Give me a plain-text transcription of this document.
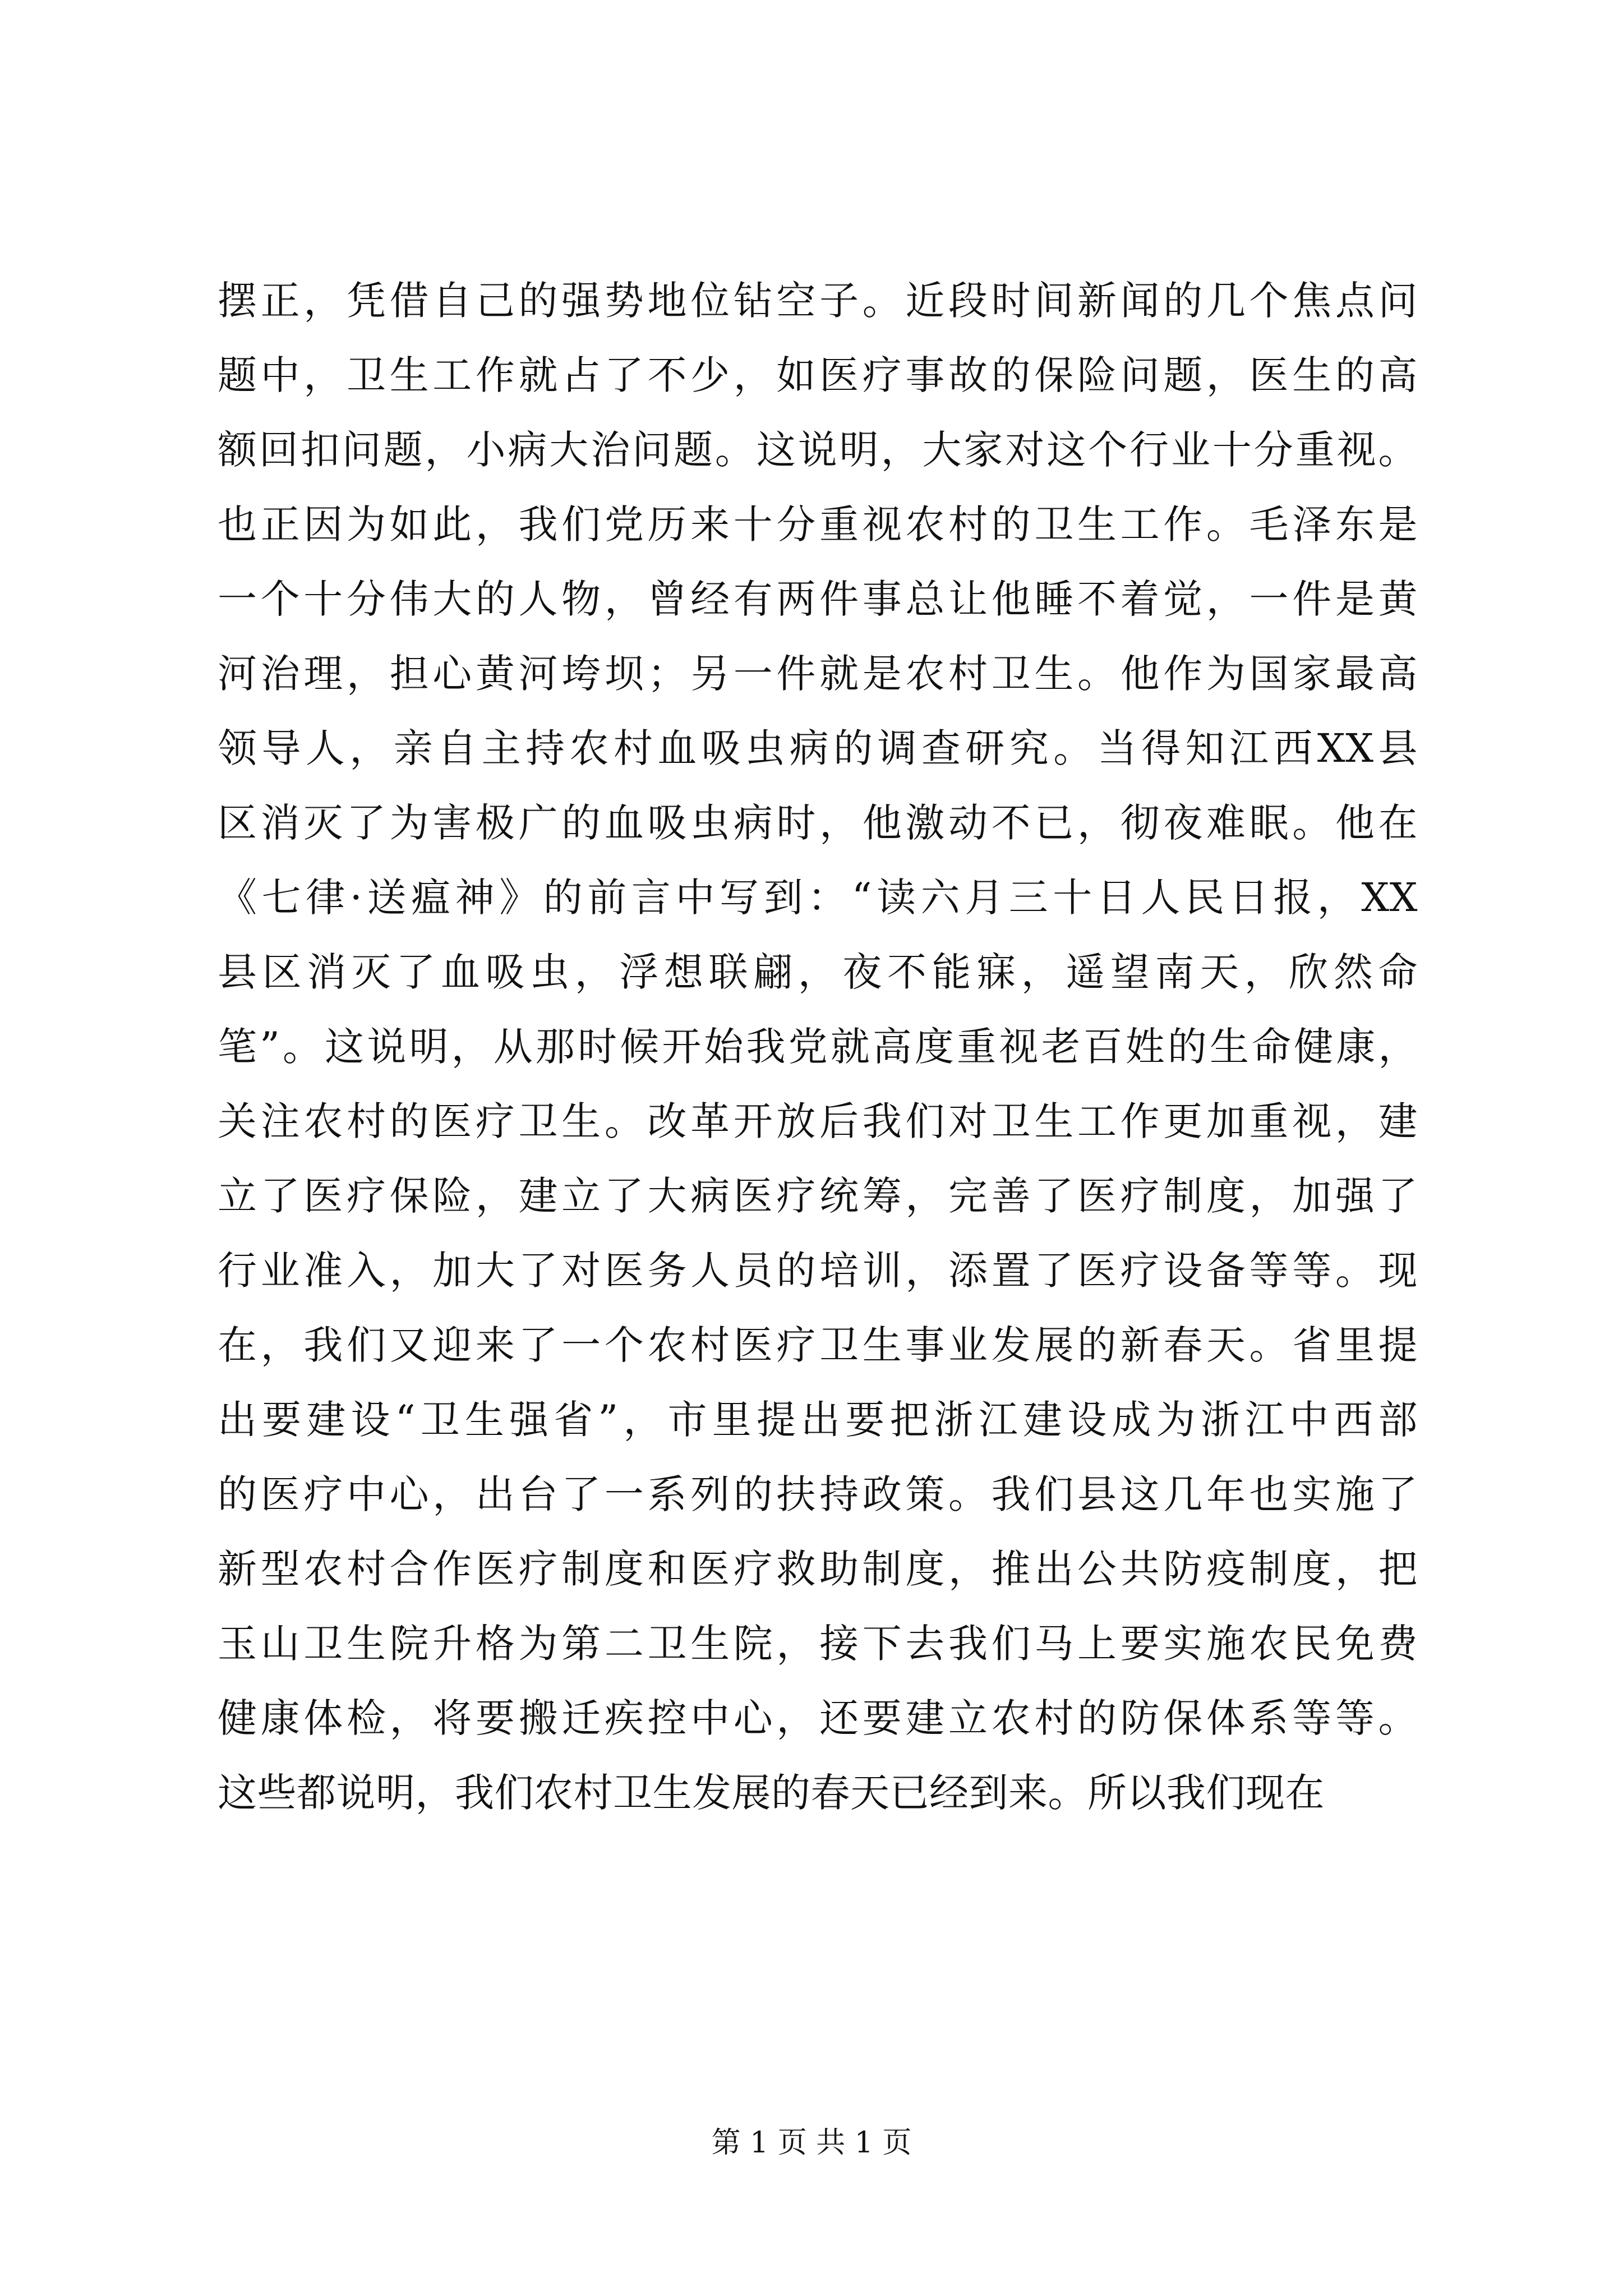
摆正，凭借自己的强势地位钻空子。近段时间新闻的几个焦点问
题中，卫生工作就占了不少，如医疗事故的保险问题，医生的高
额回扣问题，小病大治问题。这说明，大家对这个行业十分重视。
也正因为如此，我们党历来十分重视农村的卫生工作。毛泽东是
一个十分伟大的人物，曾经有两件事总让他睡不着觉，一件是黄
河治理，担心黄河垮坝；另一件就是农村卫生。他作为国家最高
领导人，亲自主持农村血吸虫病的调查研究。当得知江西XX县
区消灭了为害极广的血吸虫病时，他激动不已，彻夜难眠。他在
《七律·送瘟神》的前言中写到：“读六月三十日人民日报，XX
县区消灭了血吸虫，浮想联翩，夜不能寐，遥望南天，欣然命
笔”。这说明，从那时候开始我党就高度重视老百姓的生命健康，
关注农村的医疗卫生。改革开放后我们对卫生工作更加重视，建
立了医疗保险，建立了大病医疗统筹，完善了医疗制度，加强了
行业准入，加大了对医务人员的培训，添置了医疗设备等等。现
在，我们又迎来了一个农村医疗卫生事业发展的新春天。省里提
出要建设“卫生强省”，市里提出要把浙江建设成为浙江中西部
的医疗中心，出台了一系列的扶持政策。我们县这几年也实施了
新型农村合作医疗制度和医疗救助制度，推出公共防疫制度，把
玉山卫生院升格为第二卫生院，接下去我们马上要实施农民免费
健康体检，将要搬迁疾控中心，还要建立农村的防保体系等等。
这些都说明，我们农村卫生发展的春天已经到来。所以我们现在
第 1 页 共 1 页
